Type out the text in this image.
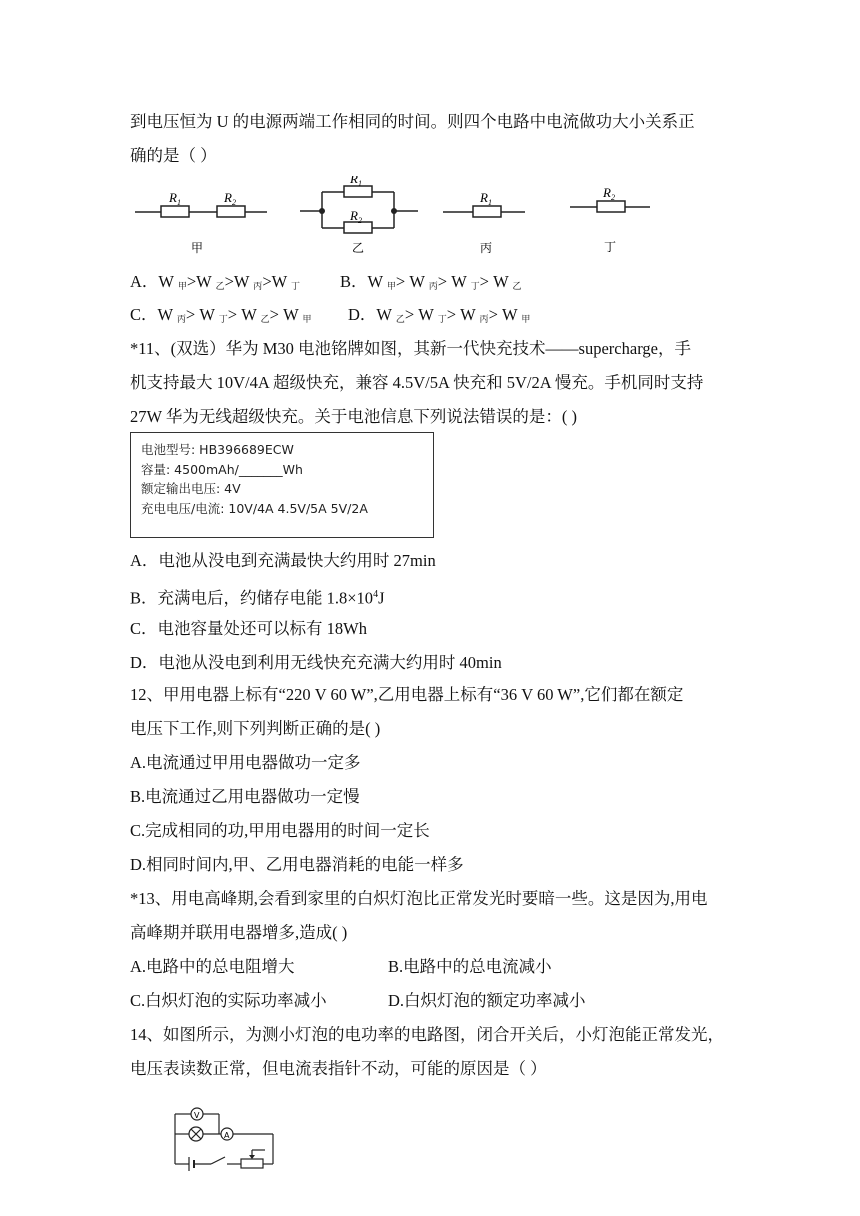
到电压恒为 U 的电源两端工作相同的时间。则四个电路中电流做功大小关系正
确的是（ ）
$R_1$	$R_2$
甲
$R_1$
$R_2$
乙
$R_1$
丙
$R_2$
丁
A．W $_甲$>W $_乙$>W $_丙$>W $_丁$ B．W $_甲$> W $_丙$> W $_丁$> W $_乙$
C．W $_丙$> W $_丁$> W $_乙$> W $_甲$ D．W $_乙$> W $_丁$> W $_丙$> W $_甲$
*11、(双选）华为 M30 电池铭牌如图，其新一代快充技术——supercharge，手
机支持最大 10V/4A 超级快充，兼容 4.5V/5A 快充和 5V/2A 慢充。手机同时支持
27W 华为无线超级快充。关于电池信息下列说法错误的是：( )
电池型号: HB396689ECW
容量: 4500mAh/_______Wh
额定输出电压: 4V
充电电压/电流: 10V/4A 4.5V/5A 5V/2A
A．电池从没电到充满最快大约用时 27min
B．充满电后，约储存电能 $1.8\times 10^4J$
C．电池容量处还可以标有 18Wh
D．电池从没电到利用无线快充充满大约用时 40min
12、甲用电器上标有“220 V 60 W”,乙用电器上标有“36 V 60 W”,它们都在额定
电压下工作,则下列判断正确的是( )
A.电流通过甲用电器做功一定多
B.电流通过乙用电器做功一定慢
C.完成相同的功,甲用电器用的时间一定长
D.相同时间内,甲、乙用电器消耗的电能一样多
*13、用电高峰期,会看到家里的白炽灯泡比正常发光时要暗一些。这是因为,用电
高峰期并联用电器增多,造成( )
A.电路中的总电阻增大	B.电路中的总电流减小
C.白炽灯泡的实际功率减小	D.白炽灯泡的额定功率减小
14、如图所示，为测小灯泡的电功率的电路图，闭合开关后，小灯泡能正常发光，
电压表读数正常，但电流表指针不动，可能的原因是（ ）
V
A
